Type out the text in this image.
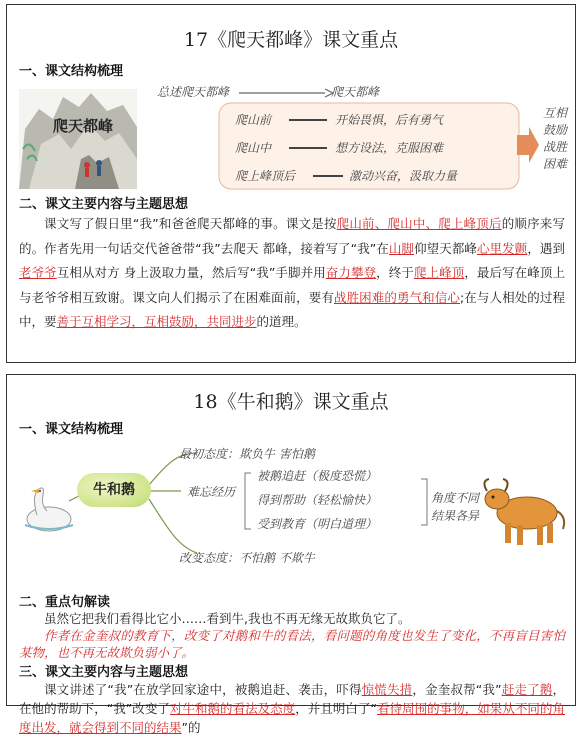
17《爬天都峰》课文重点
一、课文结构梳理
爬天都峰
总述爬天都峰	爬天都峰
爬山前	开始畏惧，后有勇气
爬山中	想方设法，克服困难
爬上峰顶后	激动兴奋，汲取力量
互相鼓励战胜困难
二、课文主要内容与主题思想
课文写了假日里“我”和爸爸爬天都峰的事。课文是按爬山前、爬山中、爬上峰顶后的顺序来写的。作者先用一句话交代爸爸带“我”去爬天 都峰，接着写了“我”在山脚仰望天都峰心里发颤，遇到老爷爷互相从对方 身上汲取力量，然后写“我”手脚并用奋力攀登，终于爬上峰顶，最后写在峰顶上与老爷爷相互致谢。课文向人们揭示了在困难面前，要有战胜困难的勇气和信心;在与人相处的过程中，要善于互相学习，互相鼓励，共同进步的道理。
18《牛和鹅》课文重点
一、课文结构梳理
牛和鹅
最初态度：欺负牛 害怕鹅
难忘经历
被鹅追赶（极度恐慌）
得到帮助（轻松愉快）
受到教育（明白道理）
角度不同
结果各异
改变态度：不怕鹅 不欺牛
二、重点句解读
虽然它把我们看得比它小……看到牛,我也不再无缘无故欺负它了。
作者在金奎叔的教育下，改变了对鹅和牛的看法，看问题的角度也发生了变化，不再盲目害怕某物，也不再无故欺负弱小了。
三、课文主要内容与主题思想
课文讲述了“我”在放学回家途中，被鹅追赶、袭击，吓得惊慌失措，金奎叔帮“我”赶走了鹅，在他的帮助下，“我”改变了对牛和鹅的看法及态度，并且明白了“看待周围的事物，如果从不同的角度出发，就会得到不同的结果”的
